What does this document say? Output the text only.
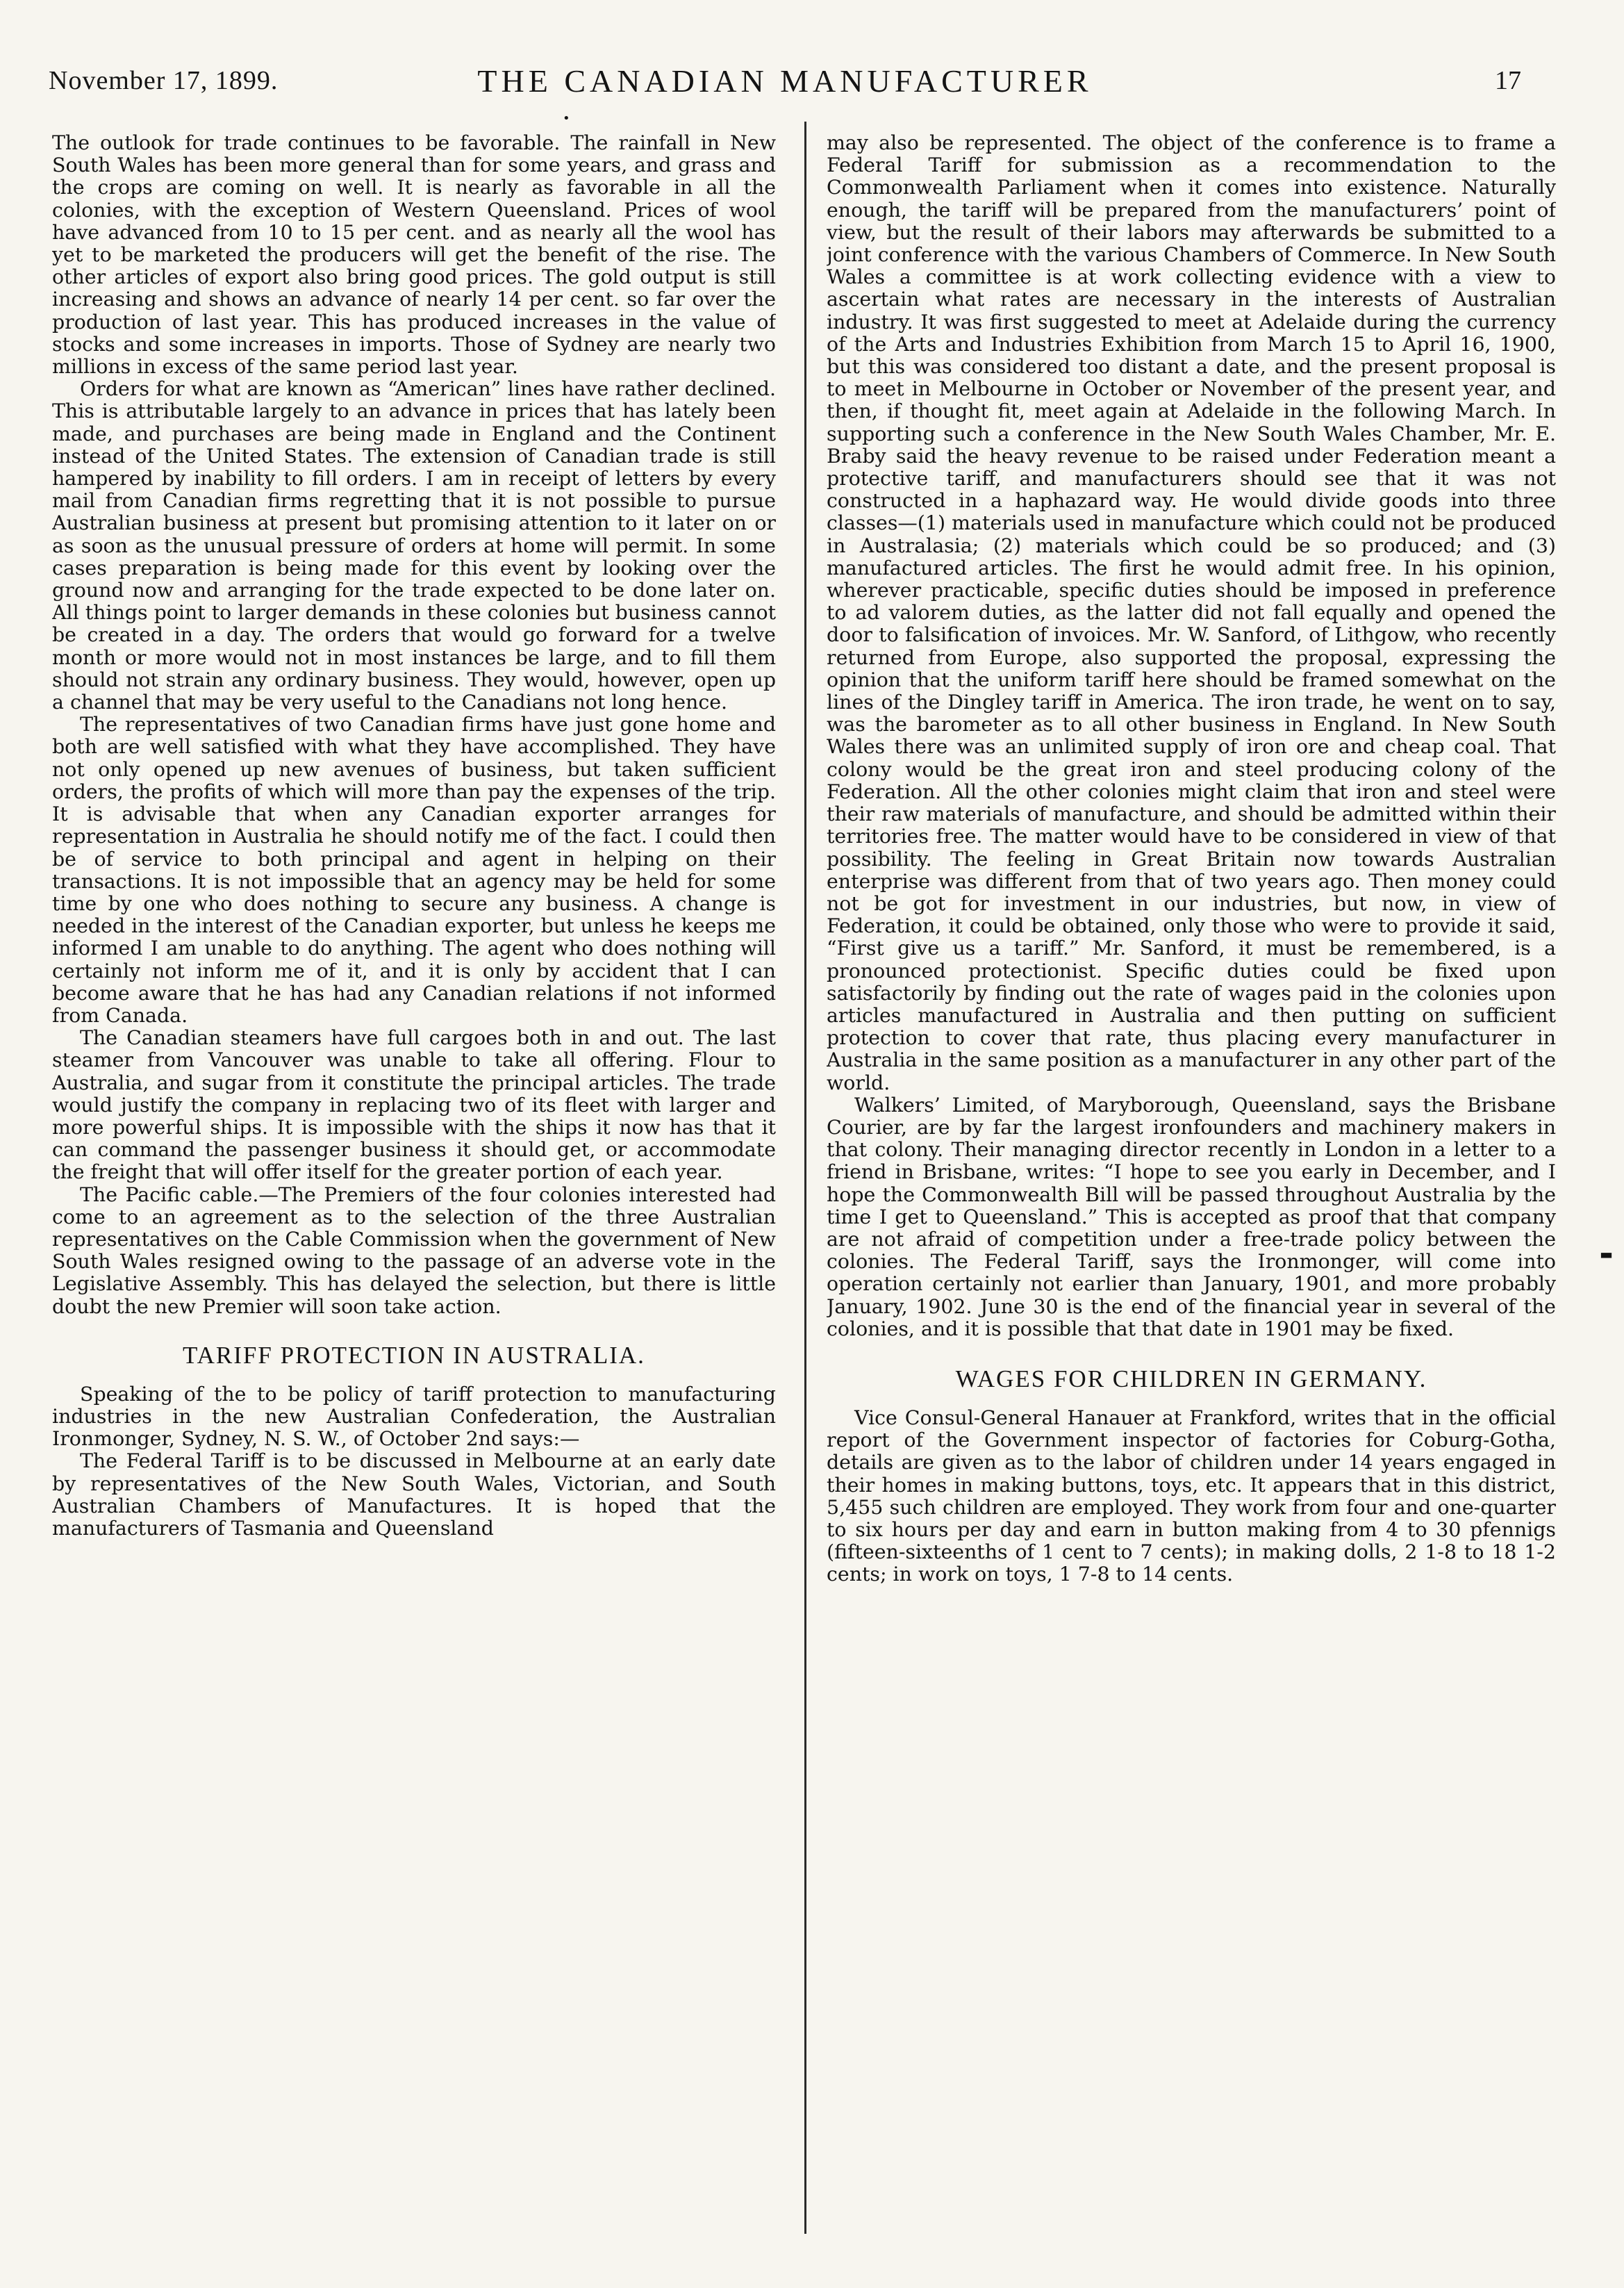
November 17, 1899.	THE CANADIAN MANUFACTURER	17
•

The outlook for trade continues to be favorable. The rainfall in New South Wales has been more general than for some years, and grass and the crops are coming on well. It is nearly as favorable in all the colonies, with the exception of Western Queensland. Prices of wool have advanced from 10 to 15 per cent. and as nearly all the wool has yet to be marketed the producers will get the benefit of the rise. The other articles of export also bring good prices. The gold output is still increasing and shows an advance of nearly 14 per cent. so far over the production of last year. This has produced increases in the value of stocks and some increases in imports. Those of Sydney are nearly two millions in excess of the same period last year.

Orders for what are known as “American” lines have rather declined. This is attributable largely to an advance in prices that has lately been made, and purchases are being made in England and the Continent instead of the United States. The extension of Canadian trade is still hampered by inability to fill orders. I am in receipt of letters by every mail from Canadian firms regretting that it is not possible to pursue Australian business at present but promising attention to it later on or as soon as the unusual pressure of orders at home will permit. In some cases preparation is being made for this event by looking over the ground now and arranging for the trade expected to be done later on. All things point to larger demands in these colonies but business cannot be created in a day. The orders that would go forward for a twelve month or more would not in most instances be large, and to fill them should not strain any ordinary business. They would, however, open up a channel that may be very useful to the Canadians not long hence.

The representatives of two Canadian firms have just gone home and both are well satisfied with what they have accomplished. They have not only opened up new avenues of business, but taken sufficient orders, the profits of which will more than pay the expenses of the trip. It is advisable that when any Canadian exporter arranges for representation in Australia he should notify me of the fact. I could then be of service to both principal and agent in helping on their transactions. It is not impossible that an agency may be held for some time by one who does nothing to secure any business. A change is needed in the interest of the Canadian exporter, but unless he keeps me informed I am unable to do anything. The agent who does nothing will certainly not inform me of it, and it is only by accident that I can become aware that he has had any Canadian relations if not informed from Canada.

The Canadian steamers have full cargoes both in and out. The last steamer from Vancouver was unable to take all offering. Flour to Australia, and sugar from it constitute the principal articles. The trade would justify the company in replacing two of its fleet with larger and more powerful ships. It is impossible with the ships it now has that it can command the passenger business it should get, or accommodate the freight that will offer itself for the greater portion of each year.

The Pacific cable.—The Premiers of the four colonies interested had come to an agreement as to the selection of the three Australian representatives on the Cable Commission when the government of New South Wales resigned owing to the passage of an adverse vote in the Legislative Assembly. This has delayed the selection, but there is little doubt the new Premier will soon take action.

TARIFF PROTECTION IN AUSTRALIA.

Speaking of the to be policy of tariff protection to manufacturing industries in the new Australian Confederation, the Australian Ironmonger, Sydney, N. S. W., of October 2nd says:—

The Federal Tariff is to be discussed in Melbourne at an early date by representatives of the New South Wales, Victorian, and South Australian Chambers of Manufactures. It is hoped that the manufacturers of Tasmania and Queensland

may also be represented. The object of the conference is to frame a Federal Tariff for submission as a recommendation to the Commonwealth Parliament when it comes into existence. Naturally enough, the tariff will be prepared from the manufacturers’ point of view, but the result of their labors may afterwards be submitted to a joint conference with the various Chambers of Commerce. In New South Wales a committee is at work collecting evidence with a view to ascertain what rates are necessary in the interests of Australian industry. It was first suggested to meet at Adelaide during the currency of the Arts and Industries Exhibition from March 15 to April 16, 1900, but this was considered too distant a date, and the present proposal is to meet in Melbourne in October or November of the present year, and then, if thought fit, meet again at Adelaide in the following March. In supporting such a conference in the New South Wales Chamber, Mr. E. Braby said the heavy revenue to be raised under Federation meant a protective tariff, and manufacturers should see that it was not constructed in a haphazard way. He would divide goods into three classes—(1) materials used in manufacture which could not be produced in Australasia; (2) materials which could be so produced; and (3) manufactured articles. The first he would admit free. In his opinion, wherever practicable, specific duties should be imposed in preference to ad valorem duties, as the latter did not fall equally and opened the door to falsification of invoices. Mr. W. Sanford, of Lithgow, who recently returned from Europe, also supported the proposal, expressing the opinion that the uniform tariff here should be framed somewhat on the lines of the Dingley tariff in America. The iron trade, he went on to say, was the barometer as to all other business in England. In New South Wales there was an unlimited supply of iron ore and cheap coal. That colony would be the great iron and steel producing colony of the Federation. All the other colonies might claim that iron and steel were their raw materials of manufacture, and should be admitted within their territories free. The matter would have to be considered in view of that possibility. The feeling in Great Britain now towards Australian enterprise was different from that of two years ago. Then money could not be got for investment in our industries, but now, in view of Federation, it could be obtained, only those who were to provide it said, “First give us a tariff.” Mr. Sanford, it must be remembered, is a pronounced protectionist. Specific duties could be fixed upon satisfactorily by finding out the rate of wages paid in the colonies upon articles manufactured in Australia and then putting on sufficient protection to cover that rate, thus placing every manufacturer in Australia in the same position as a manufacturer in any other part of the world.

Walkers’ Limited, of Maryborough, Queensland, says the Brisbane Courier, are by far the largest ironfounders and machinery makers in that colony. Their managing director recently in London in a letter to a friend in Brisbane, writes: “I hope to see you early in December, and I hope the Commonwealth Bill will be passed throughout Australia by the time I get to Queensland.” This is accepted as proof that that company are not afraid of competition under a free-trade policy between the colonies. The Federal Tariff, says the Ironmonger, will come into operation certainly not earlier than January, 1901, and more probably January, 1902. June 30 is the end of the financial year in several of the colonies, and it is possible that that date in 1901 may be fixed.

WAGES FOR CHILDREN IN GERMANY.

Vice Consul-General Hanauer at Frankford, writes that in the official report of the Government inspector of factories for Coburg-Gotha, details are given as to the labor of children under 14 years engaged in their homes in making buttons, toys, etc. It appears that in this district, 5,455 such children are employed. They work from four and one-quarter to six hours per day and earn in button making from 4 to 30 pfennigs (fifteen-sixteenths of 1 cent to 7 cents); in making dolls, 2 1-8 to 18 1-2 cents; in work on toys, 1 7-8 to 14 cents.

▬
